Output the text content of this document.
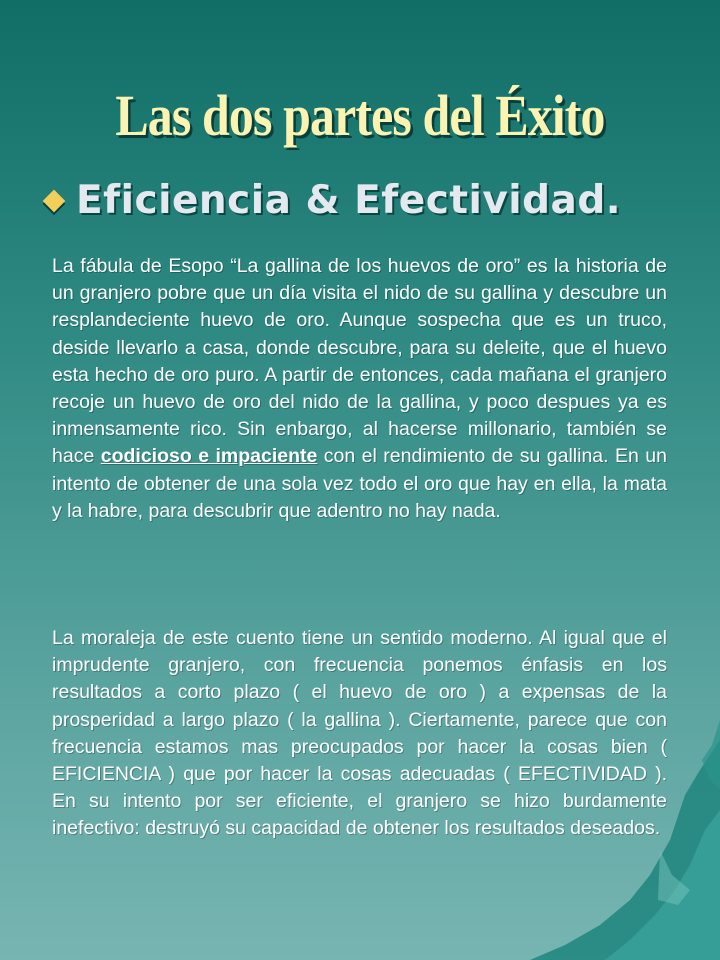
Las dos partes del Éxito
Eficiencia & Efectividad.

La fábula de Esopo “La gallina de los huevos de oro” es la historia de un granjero pobre que un día visita el nido de su gallina y descubre un resplandeciente huevo de oro. Aunque sospecha que es un truco, deside llevarlo a casa, donde descubre, para su deleite, que el huevo esta hecho de oro puro. A partir de entonces, cada mañana el granjero recoje un huevo de oro del nido de la gallina, y poco despues ya es inmensamente rico. Sin enbargo, al hacerse millonario, también se hace codicioso e impaciente con el rendimiento de su gallina. En un intento de obtener de una sola vez todo el oro que hay en ella, la mata y la habre, para descubrir que adentro no hay nada.

La moraleja de este cuento tiene un sentido moderno. Al igual que el imprudente granjero, con frecuencia ponemos énfasis en los resultados a corto plazo ( el huevo de oro ) a expensas de la prosperidad a largo plazo ( la gallina ). Ciertamente, parece que con frecuencia estamos mas preocupados por hacer la cosas bien ( EFICIENCIA ) que por hacer la cosas adecuadas ( EFECTIVIDAD ). En su intento por ser eficiente, el granjero se hizo burdamente inefectivo: destruyó su capacidad de obtener los resultados deseados.
